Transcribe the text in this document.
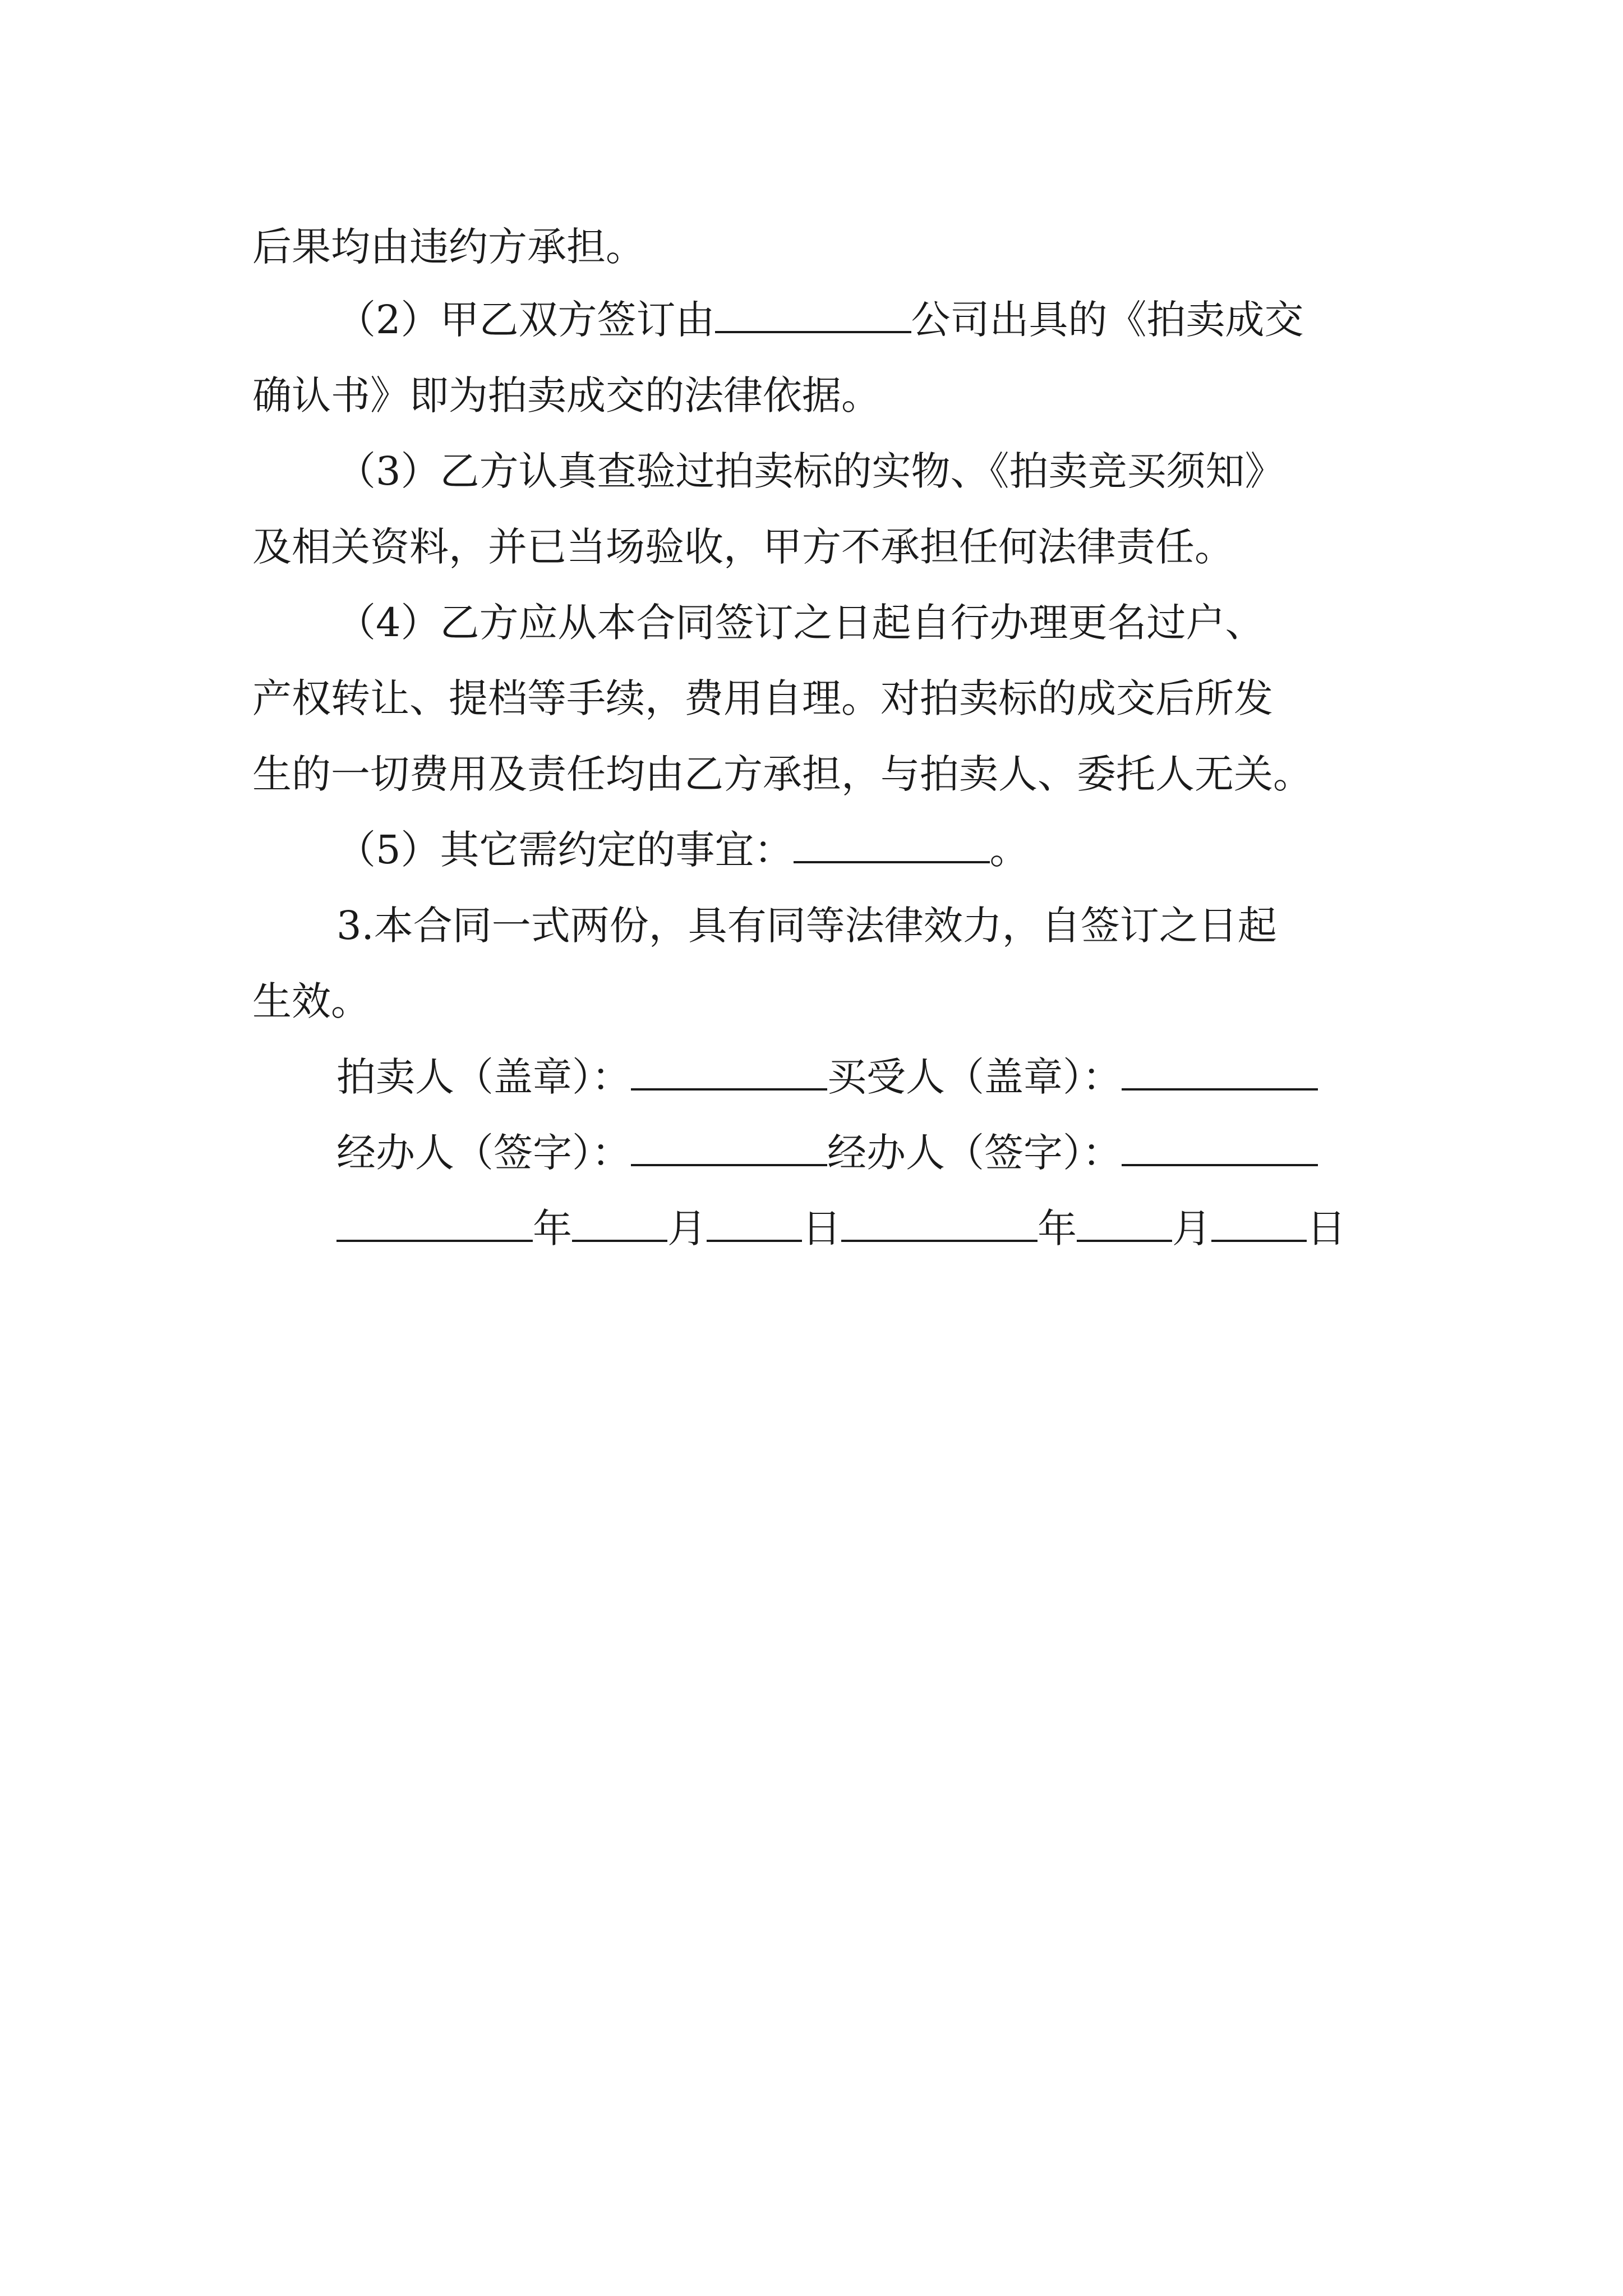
后果均由违约方承担。

（2）甲乙双方签订由	公司出具的《拍卖成交

确认书》即为拍卖成交的法律依据。

（3）乙方认真查验过拍卖标的实物、《拍卖竞买须知》

及相关资料，并已当场验收，甲方不承担任何法律责任。

（4）乙方应从本合同签订之日起自行办理更名过户、

产权转让、提档等手续，费用自理。对拍卖标的成交后所发

生的一切费用及责任均由乙方承担，与拍卖人、委托人无关。

（5）其它需约定的事宜：	。

3.本合同一式两份，具有同等法律效力，自签订之日起

生效。

拍卖人（盖章）：	买受人（盖章）：
经办人（签字）：	经办人（签字）：
年 月 日	年 月 日
